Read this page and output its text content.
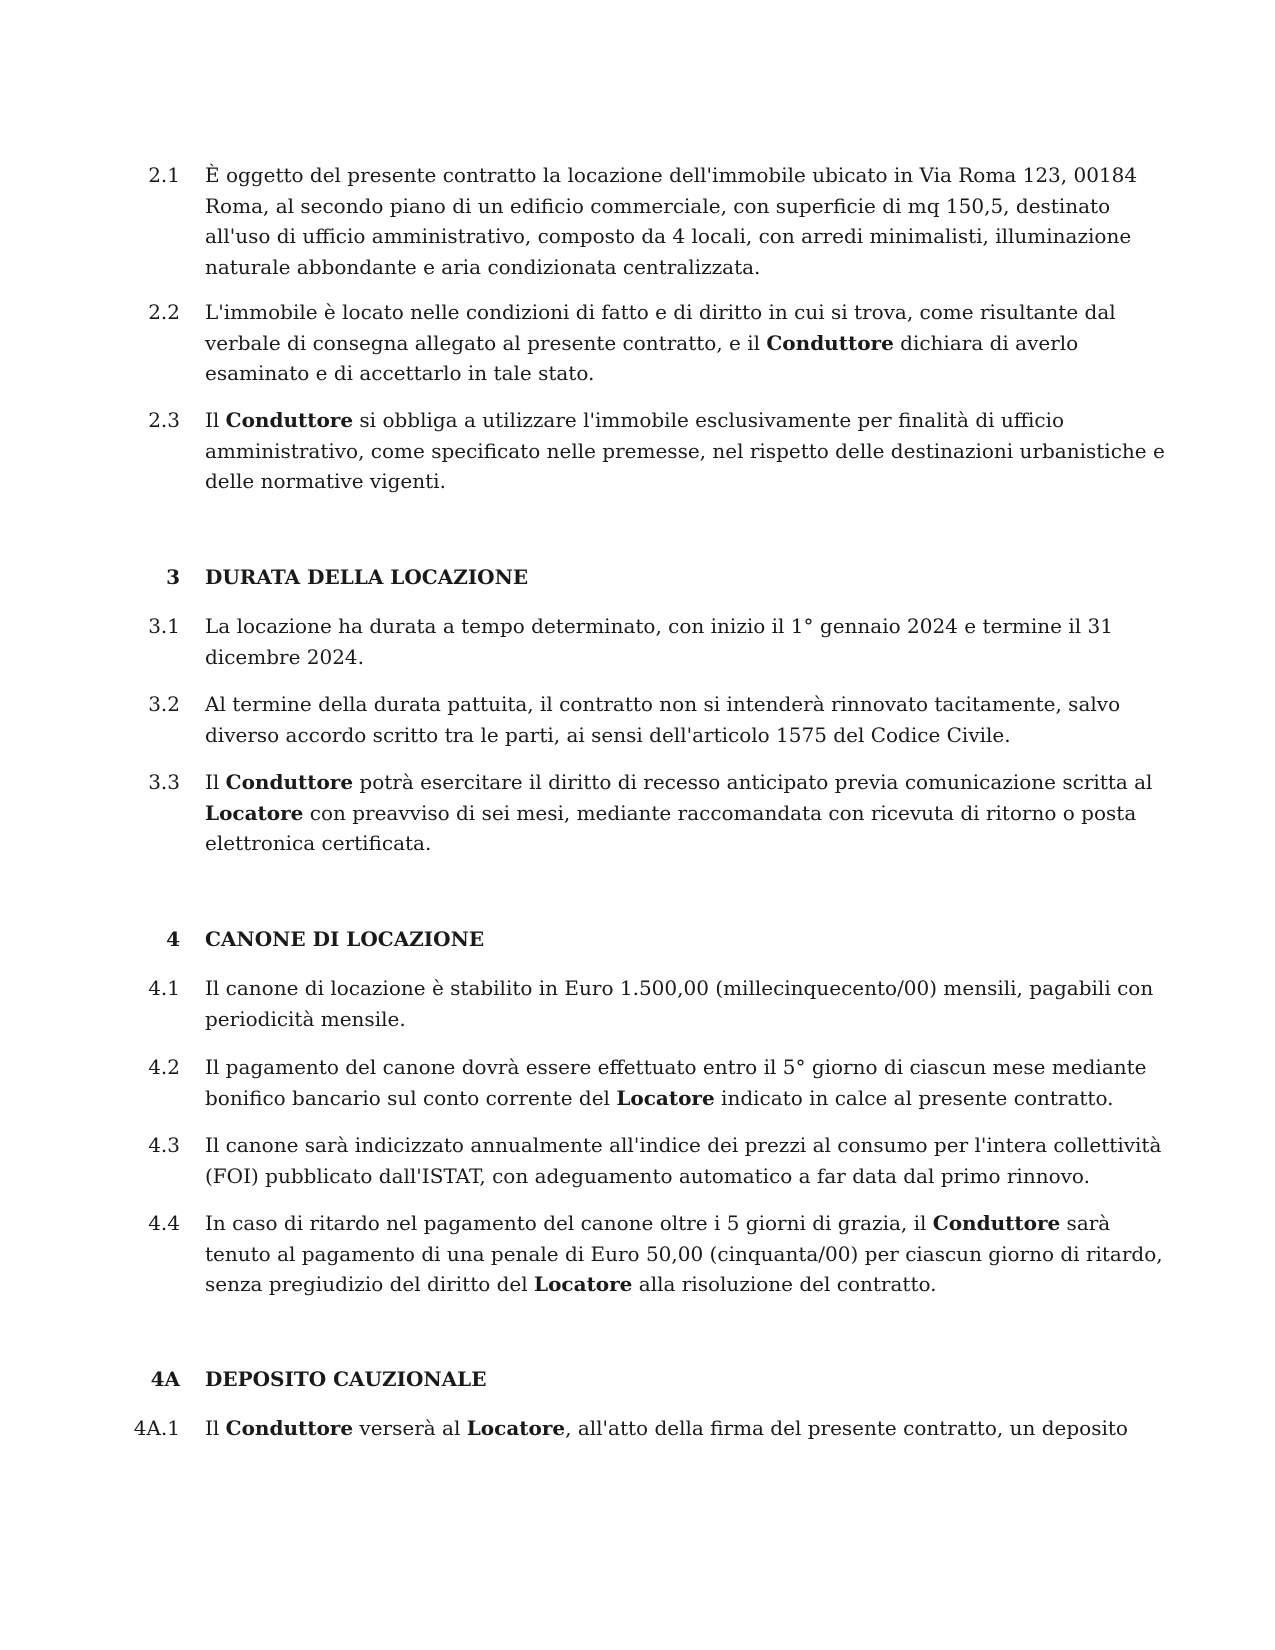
2.1 È oggetto del presente contratto la locazione dell'immobile ubicato in Via Roma 123, 00184
Roma, al secondo piano di un edificio commerciale, con superficie di mq 150,5, destinato
all'uso di ufficio amministrativo, composto da 4 locali, con arredi minimalisti, illuminazione
naturale abbondante e aria condizionata centralizzata.
2.2 L'immobile è locato nelle condizioni di fatto e di diritto in cui si trova, come risultante dal
verbale di consegna allegato al presente contratto, e il Conduttore dichiara di averlo
esaminato e di accettarlo in tale stato.
2.3 Il Conduttore si obbliga a utilizzare l'immobile esclusivamente per finalità di ufficio
amministrativo, come specificato nelle premesse, nel rispetto delle destinazioni urbanistiche e
delle normative vigenti.
3 DURATA DELLA LOCAZIONE
3.1 La locazione ha durata a tempo determinato, con inizio il 1° gennaio 2024 e termine il 31
dicembre 2024.
3.2 Al termine della durata pattuita, il contratto non si intenderà rinnovato tacitamente, salvo
diverso accordo scritto tra le parti, ai sensi dell'articolo 1575 del Codice Civile.
3.3 Il Conduttore potrà esercitare il diritto di recesso anticipato previa comunicazione scritta al
Locatore con preavviso di sei mesi, mediante raccomandata con ricevuta di ritorno o posta
elettronica certificata.
4 CANONE DI LOCAZIONE
4.1 Il canone di locazione è stabilito in Euro 1.500,00 (millecinquecento/00) mensili, pagabili con
periodicità mensile.
4.2 Il pagamento del canone dovrà essere effettuato entro il 5° giorno di ciascun mese mediante
bonifico bancario sul conto corrente del Locatore indicato in calce al presente contratto.
4.3 Il canone sarà indicizzato annualmente all'indice dei prezzi al consumo per l'intera collettività
(FOI) pubblicato dall'ISTAT, con adeguamento automatico a far data dal primo rinnovo.
4.4 In caso di ritardo nel pagamento del canone oltre i 5 giorni di grazia, il Conduttore sarà
tenuto al pagamento di una penale di Euro 50,00 (cinquanta/00) per ciascun giorno di ritardo,
senza pregiudizio del diritto del Locatore alla risoluzione del contratto.
4A DEPOSITO CAUZIONALE
4A.1 Il Conduttore verserà al Locatore, all'atto della firma del presente contratto, un deposito
